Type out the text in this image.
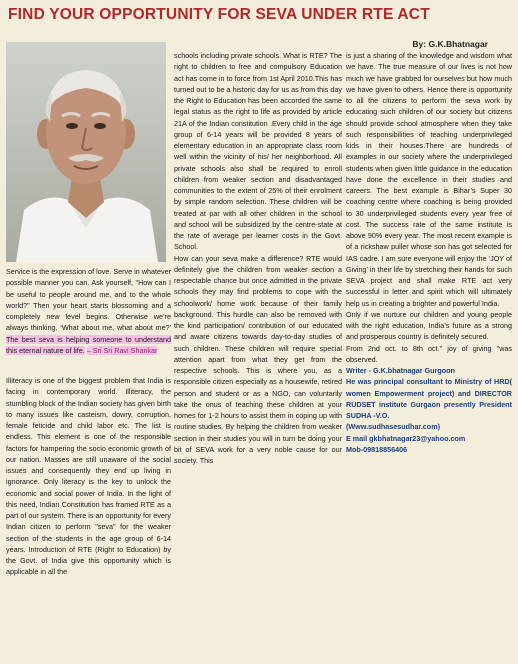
FIND YOUR OPPORTUNITY FOR SEVA UNDER RTE ACT
By: G.K.Bhatnagar

Service is the expression of love. Serve in whatever possible manner you can. Ask yourself, "How can I be useful to people around me, and to the whole world?" Then your heart starts blossoming and a completely new level begins. Otherwise we’re always thinking, ‘What about me, what about me?’ The best seva is helping someone to understand this eternal nature of life. – Sri Sri Ravi Shankar

Illiteracy is one of the biggest problem that India is facing in contemporary world. Illiteracy, the stumbling block of the Indian society has given birth to many issues like casteism, dowry, corruption, female feticide and child labor etc. The list is endless. This element is one of the responsible factors for hampering the socio economic growth of our nation. Masses are still unaware of the social issues and consequently they end up living in ignorance. Only literacy is the key to unlock the economic and social power of India. In the light of this need, Indian Constitution has framed RTE as a part of our system. There is an opportunity for every Indian citizen to perform "seva" for the weaker section of the students in the age group of 6-14 years. Introduction of RTE (Right to Education) by the Govt. of India give this opportunity which is applicable in all the

schools including private schools. What is RTE? The right to children to free and compulsory Education act has come in to force from 1st April 2010.This has turned out to be a historic day for us as from this day the Right to Education has been accorded the same legal status as the right to life as provided by article 21A of the Indian constitution .Every child in the age group of 6-14 years will be provided 8 years of elementary education in an appropriate class room well within the vicinity of his/ her neighborhood. All private schools also shall be required to enroll children from weaker section and disadvantaged communities to the extent of 25% of their enrolment by simple random selection. These children will be treated at par with all other children in the school and school will be subsidized by the centre-state at the rate of average per learner costs in the Govt. School.

How can your seva make a difference? RTE would definitely give the children from weaker section a respectable chance but once admitted in the private schools they may find problems to cope with the schoolwork/ home work because of their family background. This hurdle can also be removed with the kind participation/ contribution of our educated and aware citizens towards day-to-day studies of such children. These children will require special attention apart from what they get from the respective schools. This is where you, as a responsible citizen especially as a housewife, retired person and student or as a NGO, can voluntarily take the onus of teaching these children at your homes for 1-2 hours to assist them in coping up with routine studies. By helping the children from weaker section in their studies you will in turn be doing your bit of SEVA work for a very noble cause for our society. This

is just a sharing of the knowledge and wisdom what we have. The true measure of our lives is not how much we have grabbed for ourselves but how much we have given to others. Hence there is opportunity to all the citizens to perform the seva work by educating such children of our society but citizens should provide school atmosphere when they take such responsibilities of teaching underprivileged kids in their houses.There are hundreds of examples in our society where the underprivileged students when given little guidance in the education have done the excellence in their studies and careers. The best example is Bihar’s Super 30 coaching centre where coaching is being provided to 30 underprivileged students every year free of cost. The success rate of the same institute is above 90% every year. The most recent example is of a rickshaw puller whose son has got selected for IAS cadre. I am sure everyone will enjoy the ‘JOY of Giving’ in their life by stretching their hands for such SEVA project and shall make RTE act very successful in letter and spirit which will ultimately help us in creating a brighter and powerful India.

Only if we nurture our children and young people with the right education, India’s future as a strong and prosperous country is definitely secured.

From 2nd oct. to 8th oct." joy of giving "was observed.

Writer - G.K.bhatnagar Gurgoon

He was principal consultant to Ministry of HRD( women Empowerment project) and DIRECTOR RUDSET institute Gurgaon presently President SUDHA -V.O.

(Www.sudhasesudhar.com)

E mail gkbhatnagar23@yahoo.com

Mob-09818856406
